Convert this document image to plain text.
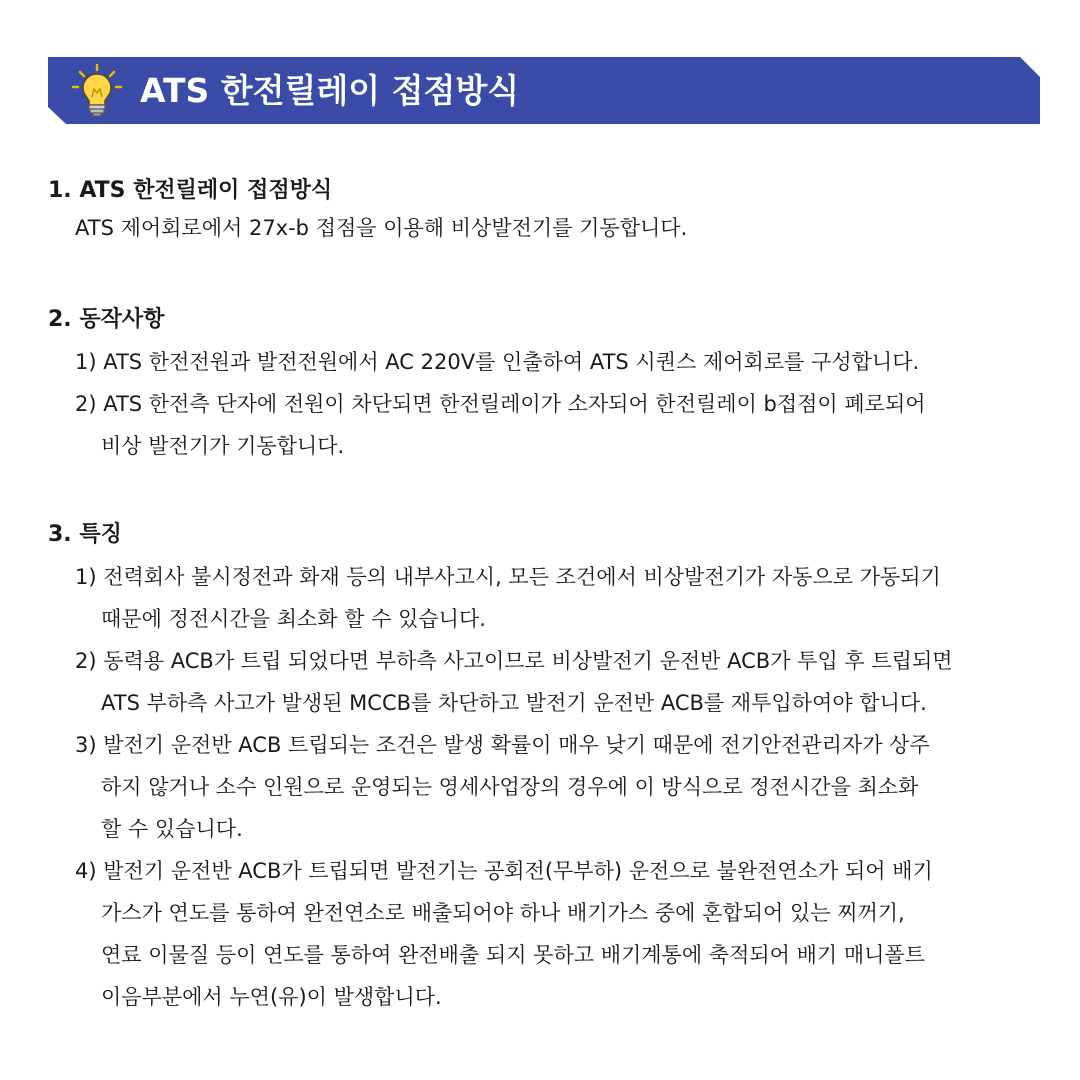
ATS 한전릴레이 접점방식
1. ATS 한전릴레이 접점방식
ATS 제어회로에서 27x-b 접점을 이용해 비상발전기를 기동합니다.
2. 동작사항
1) ATS 한전전원과 발전전원에서 AC 220V를 인출하여 ATS 시퀀스 제어회로를 구성합니다.
2) ATS 한전측 단자에 전원이 차단되면 한전릴레이가 소자되어 한전릴레이 b접점이 폐로되어
비상 발전기가 기동합니다.
3. 특징
1) 전력회사 불시정전과 화재 등의 내부사고시, 모든 조건에서 비상발전기가 자동으로 가동되기
때문에 정전시간을 최소화 할 수 있습니다.
2) 동력용 ACB가 트립 되었다면 부하측 사고이므로 비상발전기 운전반 ACB가 투입 후 트립되면
ATS 부하측 사고가 발생된 MCCB를 차단하고 발전기 운전반 ACB를 재투입하여야 합니다.
3) 발전기 운전반 ACB 트립되는 조건은 발생 확률이 매우 낮기 때문에 전기안전관리자가 상주
하지 않거나 소수 인원으로 운영되는 영세사업장의 경우에 이 방식으로 정전시간을 최소화
할 수 있습니다.
4) 발전기 운전반 ACB가 트립되면 발전기는 공회전(무부하) 운전으로 불완전연소가 되어 배기
가스가 연도를 통하여 완전연소로 배출되어야 하나 배기가스 중에 혼합되어 있는 찌꺼기,
연료 이물질 등이 연도를 통하여 완전배출 되지 못하고 배기계통에 축적되어 배기 매니폴트
이음부분에서 누연(유)이 발생합니다.
